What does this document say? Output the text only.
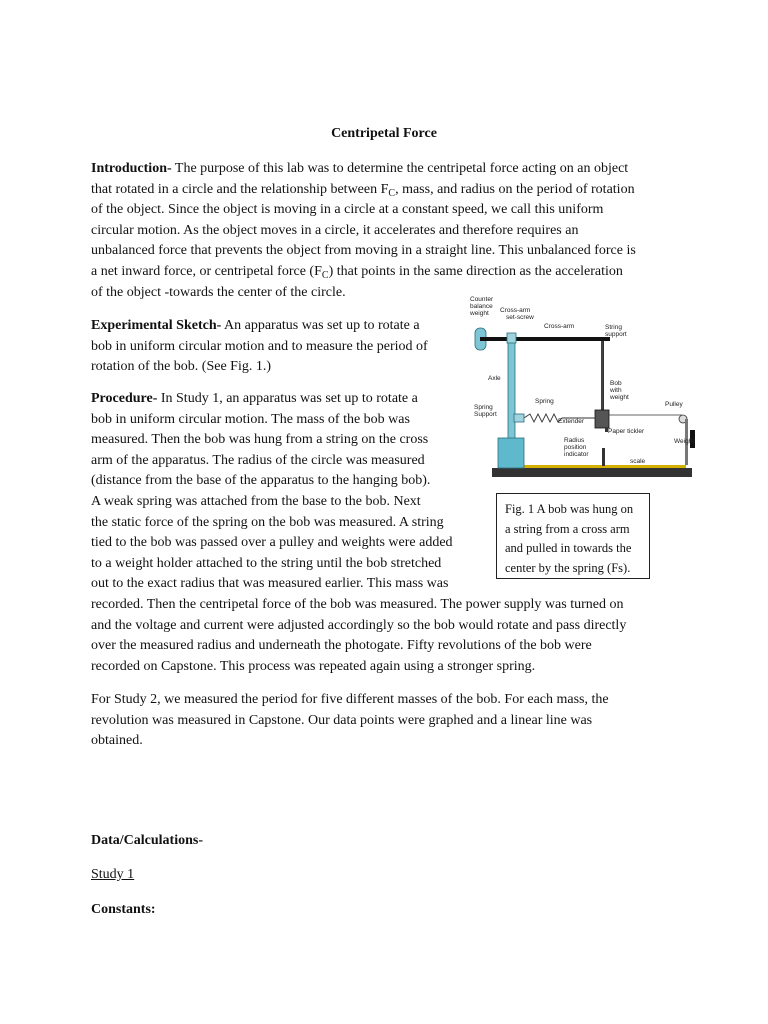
Centripetal Force
Introduction- The purpose of this lab was to determine the centripetal force acting on an object
that rotated in a circle and the relationship between $F_C$, mass, and radius on the period of rotation
of the object. Since the object is moving in a circle at a constant speed, we call this uniform
circular motion. As the object moves in a circle, it accelerates and therefore requires an
unbalanced force that prevents the object from moving in a straight line. This unbalanced force is
a net inward force, or centripetal force $(F_C)$ that points in the same direction as the acceleration
of the object -towards the center of the circle.
Experimental Sketch- An apparatus was set up to rotate a
bob in uniform circular motion and to measure the period of
rotation of the bob. (See Fig. 1.)
Procedure- In Study 1, an apparatus was set up to rotate a
bob in uniform circular motion. The mass of the bob was
measured. Then the bob was hung from a string on the cross
arm of the apparatus. The radius of the circle was measured
(distance from the base of the apparatus to the hanging bob).
A weak spring was attached from the base to the bob. Next
the static force of the spring on the bob was measured. A string
tied to the bob was passed over a pulley and weights were added
to a weight holder attached to the string until the bob stretched
out to the exact radius that was measured earlier. This mass was
recorded. Then the centripetal force of the bob was measured. The power supply was turned on
and the voltage and current were adjusted accordingly so the bob would rotate and pass directly
over the measured radius and underneath the photogate. Fifty revolutions of the bob were
recorded on Capstone. This process was repeated again using a stronger spring.
For Study 2, we measured the period for five different masses of the bob. For each mass, the
revolution was measured in Capstone. Our data points were graphed and a linear line was
obtained.
Counter
balance
weight Cross-arm
set-screw
Cross-arm	String
support
Axle
Bob
with
weight
Pulley
Spring
Spring
Support
Extender
Paper tickler
Weight
Radius
position
indicator
scale
Fig. 1 A bob was hung on
a string from a cross arm
and pulled in towards the
center by the spring (Fs).
Data/Calculations-
Study 1
Constants:
